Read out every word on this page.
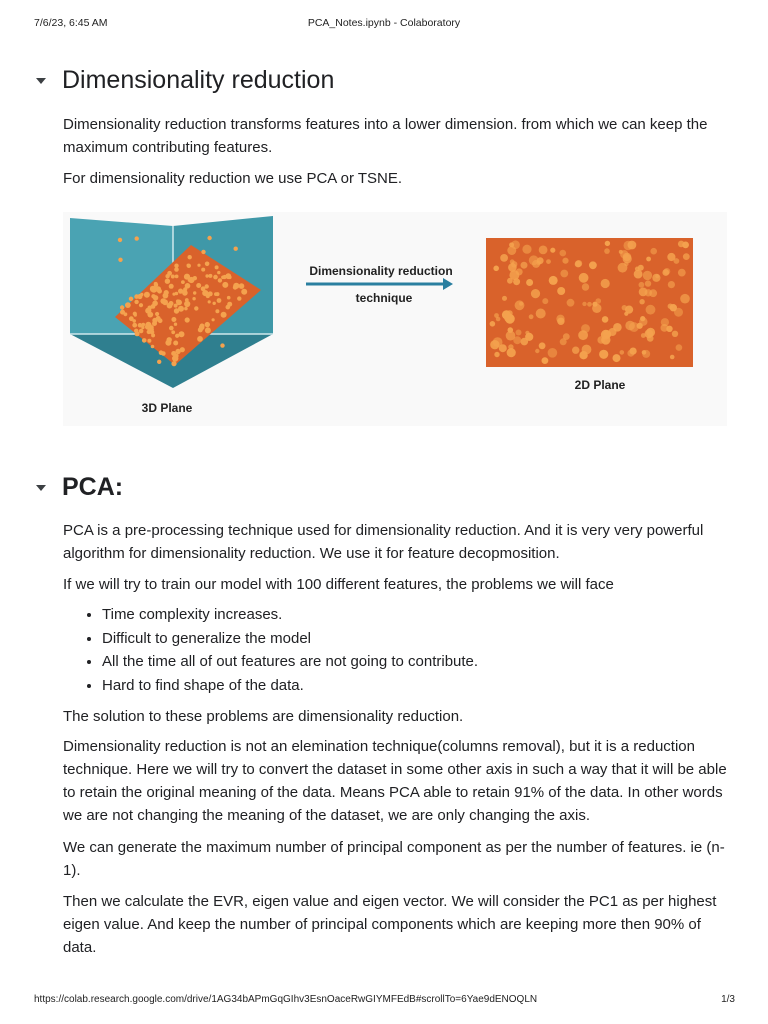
7/6/23, 6:45 AM	PCA_Notes.ipynb - Colaboratory
Dimensionality reduction
Dimensionality reduction transforms features into a lower dimension. from which we can keep the maximum contributing features.
For dimensionality reduction we use PCA or TSNE.
Dimensionality reduction
technique
3D Plane
2D Plane
PCA:
PCA is a pre-processing technique used for dimensionality reduction. And it is very very powerful algorithm for dimensionality reduction. We use it for feature decopmosition.
If we will try to train our model with 100 different features, the problems we will face
• Time complexity increases.
• Difficult to generalize the model
• All the time all of out features are not going to contribute.
• Hard to find shape of the data.
The solution to these problems are dimensionality reduction.
Dimensionality reduction is not an elemination technique(columns removal), but it is a reduction technique. Here we will try to convert the dataset in some other axis in such a way that it will be able to retain the original meaning of the data. Means PCA able to retain 91% of the data. In other words we are not changing the meaning of the dataset, we are only changing the axis.
We can generate the maximum number of principal component as per the number of features. ie (n-1).
Then we calculate the EVR, eigen value and eigen vector. We will consider the PC1 as per highest eigen value. And keep the number of principal components which are keeping more then 90% of data.
https://colab.research.google.com/drive/1AG34bAPmGqGIhv3EsnOaceRwGIYMFEdB#scrollTo=6Yae9dENOQLN	1/3
